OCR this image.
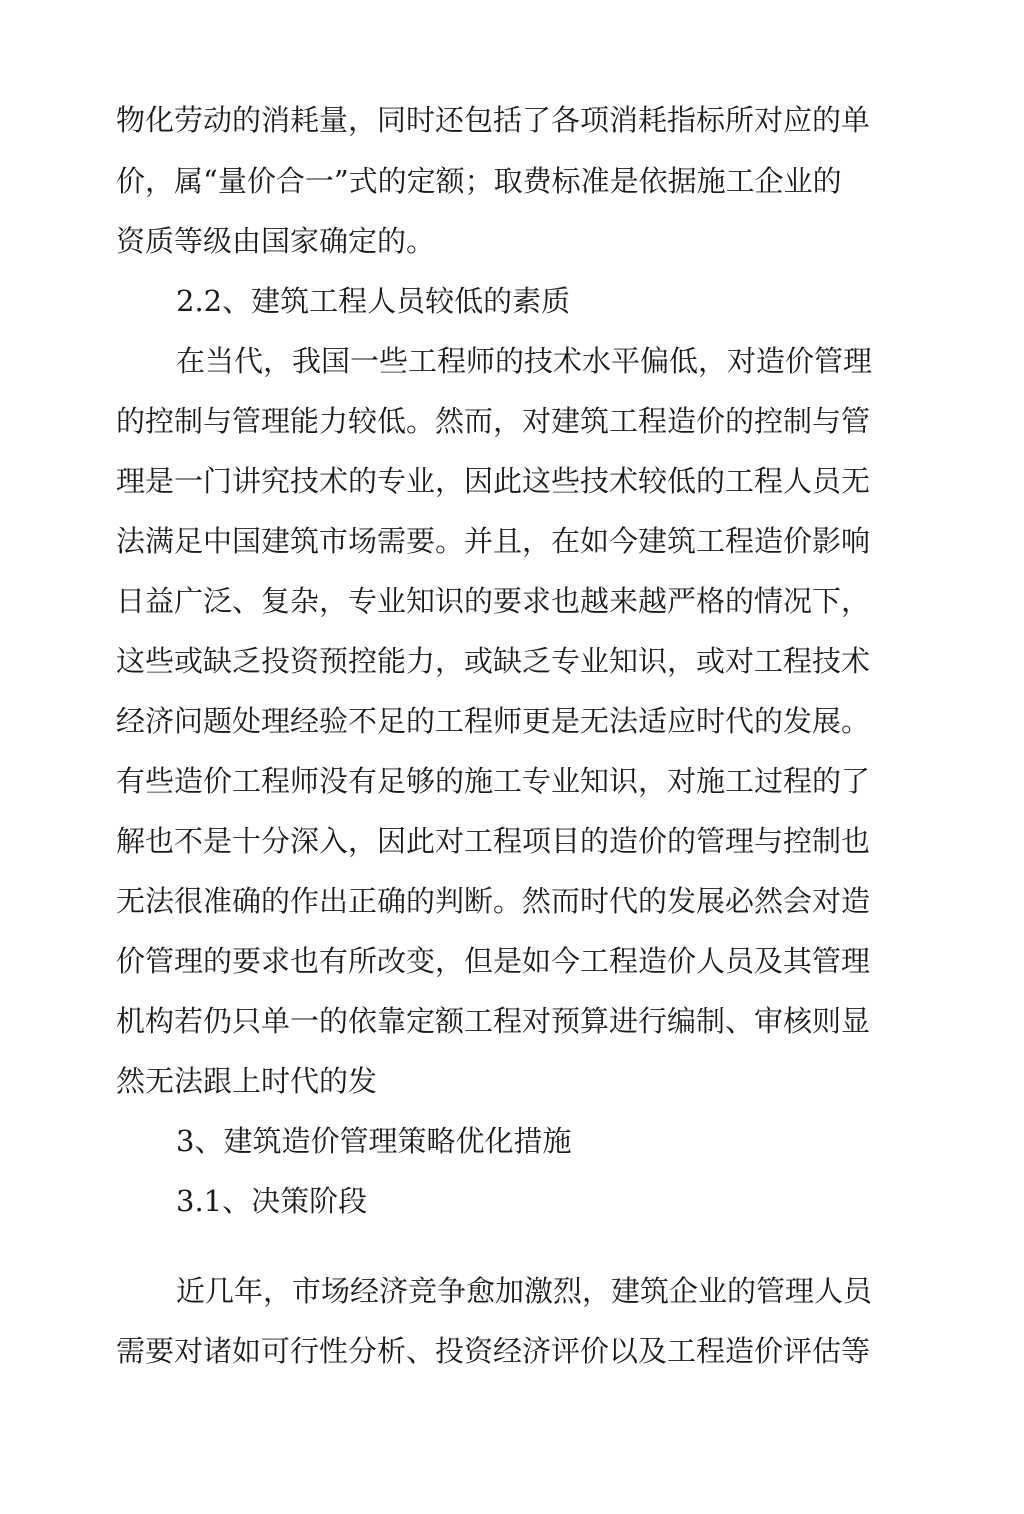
物化劳动的消耗量，同时还包括了各项消耗指标所对应的单
价，属“量价合一”式的定额；取费标准是依据施工企业的
资质等级由国家确定的。
2.2、建筑工程人员较低的素质
在当代，我国一些工程师的技术水平偏低，对造价管理
的控制与管理能力较低。然而，对建筑工程造价的控制与管
理是一门讲究技术的专业，因此这些技术较低的工程人员无
法满足中国建筑市场需要。并且，在如今建筑工程造价影响
日益广泛、复杂，专业知识的要求也越来越严格的情况下，
这些或缺乏投资预控能力，或缺乏专业知识，或对工程技术
经济问题处理经验不足的工程师更是无法适应时代的发展。
有些造价工程师没有足够的施工专业知识，对施工过程的了
解也不是十分深入，因此对工程项目的造价的管理与控制也
无法很准确的作出正确的判断。然而时代的发展必然会对造
价管理的要求也有所改变，但是如今工程造价人员及其管理
机构若仍只单一的依靠定额工程对预算进行编制、审核则显
然无法跟上时代的发
3、建筑造价管理策略优化措施
3.1、决策阶段
近几年，市场经济竞争愈加激烈，建筑企业的管理人员
需要对诸如可行性分析、投资经济评价以及工程造价评估等
